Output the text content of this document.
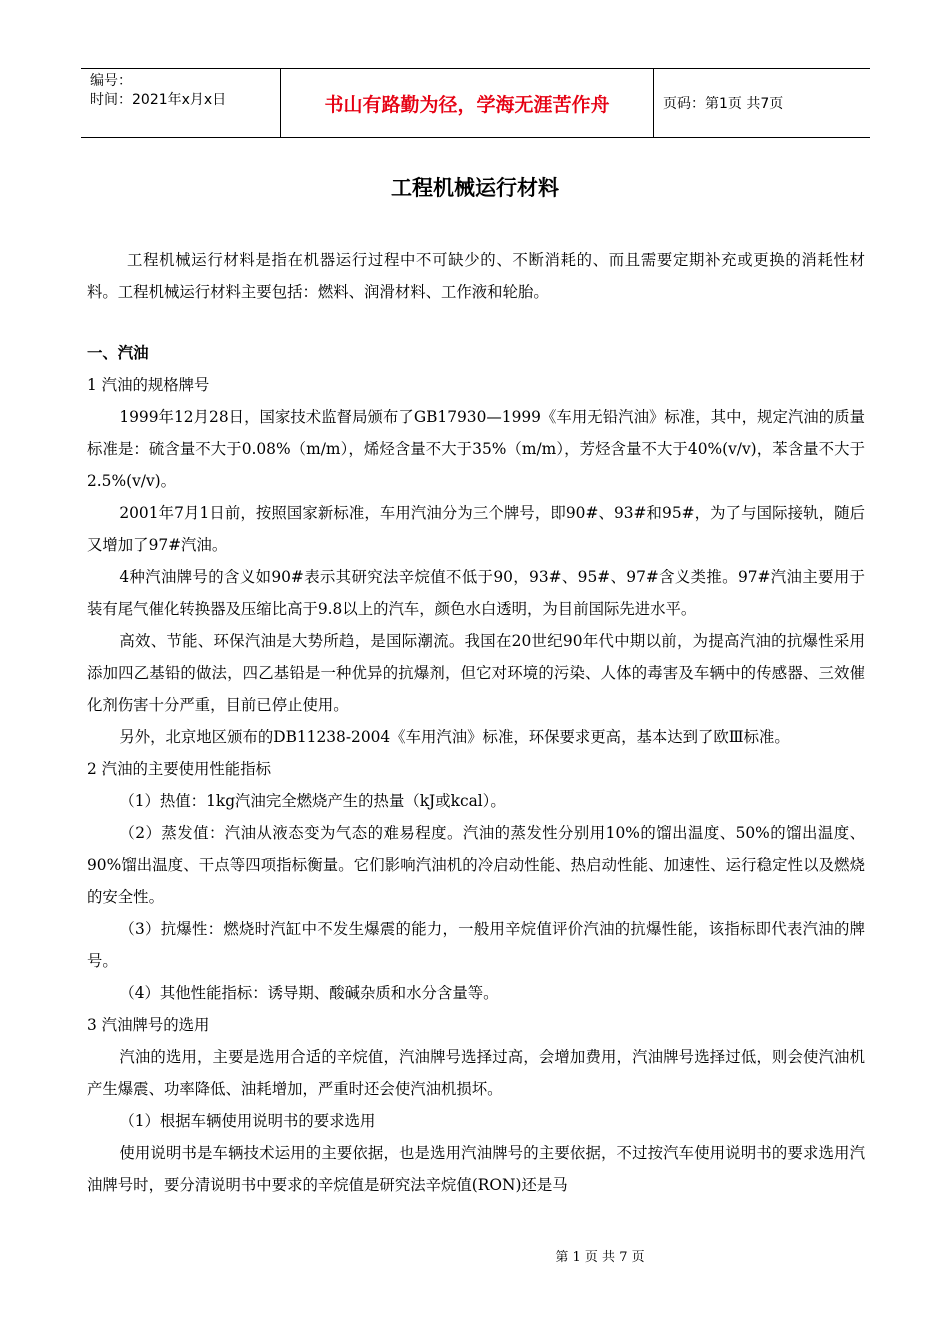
编号：
时间：2021年x月x日	书山有路勤为径，学海无涯苦作舟	页码：第1页 共7页
工程机械运行材料

工程机械运行材料是指在机器运行过程中不可缺少的、不断消耗的、而且需要定期补充或更换的消耗性材料。工程机械运行材料主要包括：燃料、润滑材料、工作液和轮胎。

一、汽油

1 汽油的规格牌号

1999年12月28日，国家技术监督局颁布了GB17930—1999《车用无铅汽油》标准，其中，规定汽油的质量标准是：硫含量不大于0.08%（m/m），烯烃含量不大于35%（m/m），芳烃含量不大于40%(v/v)，苯含量不大于2.5%(v/v)。

2001年7月1日前，按照国家新标准，车用汽油分为三个牌号，即90#、93#和95#，为了与国际接轨，随后又增加了97#汽油。

4种汽油牌号的含义如90#表示其研究法辛烷值不低于90，93#、95#、97#含义类推。97#汽油主要用于装有尾气催化转换器及压缩比高于9.8以上的汽车，颜色水白透明，为目前国际先进水平。

高效、节能、环保汽油是大势所趋，是国际潮流。我国在20世纪90年代中期以前，为提高汽油的抗爆性采用添加四乙基铅的做法，四乙基铅是一种优异的抗爆剂，但它对环境的污染、人体的毒害及车辆中的传感器、三效催化剂伤害十分严重，目前已停止使用。

另外，北京地区颁布的DB11238-2004《车用汽油》标准，环保要求更高，基本达到了欧Ⅲ标准。

2 汽油的主要使用性能指标

（1）热值：1kg汽油完全燃烧产生的热量（kJ或kcal）。

（2）蒸发值：汽油从液态变为气态的难易程度。汽油的蒸发性分别用10%的馏出温度、50%的馏出温度、90%馏出温度、干点等四项指标衡量。它们影响汽油机的冷启动性能、热启动性能、加速性、运行稳定性以及燃烧的安全性。

（3）抗爆性：燃烧时汽缸中不发生爆震的能力，一般用辛烷值评价汽油的抗爆性能，该指标即代表汽油的牌号。

（4）其他性能指标：诱导期、酸碱杂质和水分含量等。

3 汽油牌号的选用

汽油的选用，主要是选用合适的辛烷值，汽油牌号选择过高，会增加费用，汽油牌号选择过低，则会使汽油机产生爆震、功率降低、油耗增加，严重时还会使汽油机损坏。

（1）根据车辆使用说明书的要求选用

使用说明书是车辆技术运用的主要依据，也是选用汽油牌号的主要依据，不过按汽车使用说明书的要求选用汽油牌号时，要分清说明书中要求的辛烷值是研究法辛烷值(RON)还是马

第 1 页 共 7 页
